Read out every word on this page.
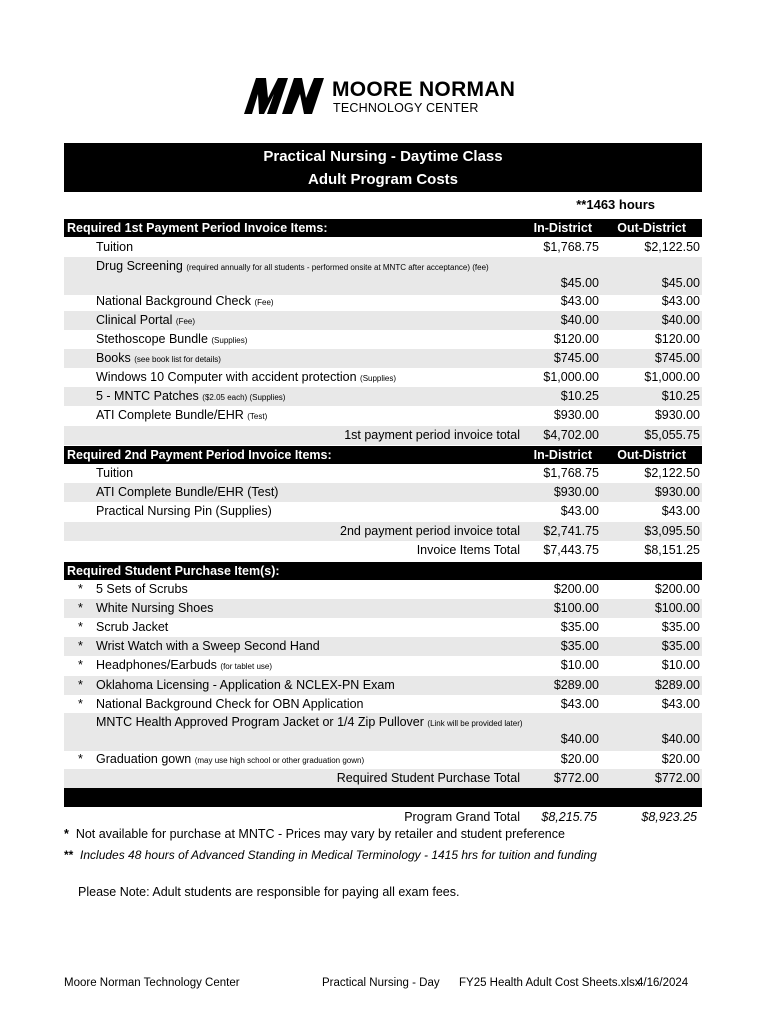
MOORE NORMAN
TECHNOLOGY CENTER
Practical Nursing - Daytime Class
Adult Program Costs
**1463 hours
Required 1st Payment Period Invoice Items:	In-District	Out-District
Tuition	$1,768.75	$2,122.50
Drug Screening (required annually for all students - performed onsite at MNTC after acceptance) (fee)
$45.00	$45.00
National Background Check (Fee)	$43.00	$43.00
Clinical Portal (Fee)	$40.00	$40.00
Stethoscope Bundle (Supplies)	$120.00	$120.00
Books (see book list for details)	$745.00	$745.00
Windows 10 Computer with accident protection (Supplies)	$1,000.00	$1,000.00
5 - MNTC Patches ($2.05 each) (Supplies)	$10.25	$10.25
ATI Complete Bundle/EHR (Test)	$930.00	$930.00
1st payment period invoice total	$4,702.00	$5,055.75
Required 2nd Payment Period Invoice Items:	In-District	Out-District
Tuition	$1,768.75	$2,122.50
ATI Complete Bundle/EHR (Test)	$930.00	$930.00
Practical Nursing Pin (Supplies)	$43.00	$43.00
2nd payment period invoice total	$2,741.75	$3,095.50
Invoice Items Total	$7,443.75	$8,151.25
Required Student Purchase Item(s):
* 5 Sets of Scrubs	$200.00	$200.00
* White Nursing Shoes	$100.00	$100.00
* Scrub Jacket	$35.00	$35.00
* Wrist Watch with a Sweep Second Hand	$35.00	$35.00
* Headphones/Earbuds (for tablet use)	$10.00	$10.00
* Oklahoma Licensing - Application & NCLEX-PN Exam	$289.00	$289.00
* National Background Check for OBN Application	$43.00	$43.00
MNTC Health Approved Program Jacket or 1/4 Zip Pullover (Link will be provided later)
$40.00	$40.00
* Graduation gown (may use high school or other graduation gown)	$20.00	$20.00
Required Student Purchase Total	$772.00	$772.00
Program Grand Total	$8,215.75	$8,923.25
* Not available for purchase at MNTC - Prices may vary by retailer and student preference
** Includes 48 hours of Advanced Standing in Medical Terminology - 1415 hrs for tuition and funding
Please Note: Adult students are responsible for paying all exam fees.
Moore Norman Technology Center	Practical Nursing - Day FY25 Health Adult Cost Sheets.xlsx
4/16/2024
